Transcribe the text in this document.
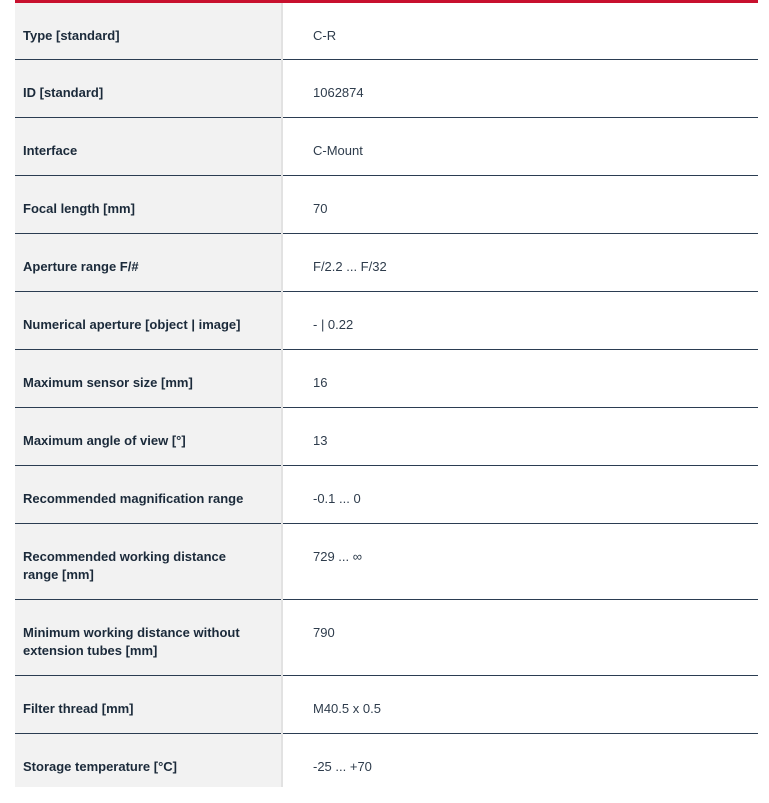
Type [standard]	C-R
ID [standard]	1062874
Interface	C-Mount
Focal length [mm]	70
Aperture range F/#	F/2.2 ... F/32
Numerical aperture [object | image]	- | 0.22
Maximum sensor size [mm]	16
Maximum angle of view [°]	13
Recommended magnification range	-0.1 ... 0
Recommended working distance range [mm]	729 ... ∞
Minimum working distance without extension tubes [mm]	790
Filter thread [mm]	M40.5 x 0.5
Storage temperature [°C]	-25 ... +70
